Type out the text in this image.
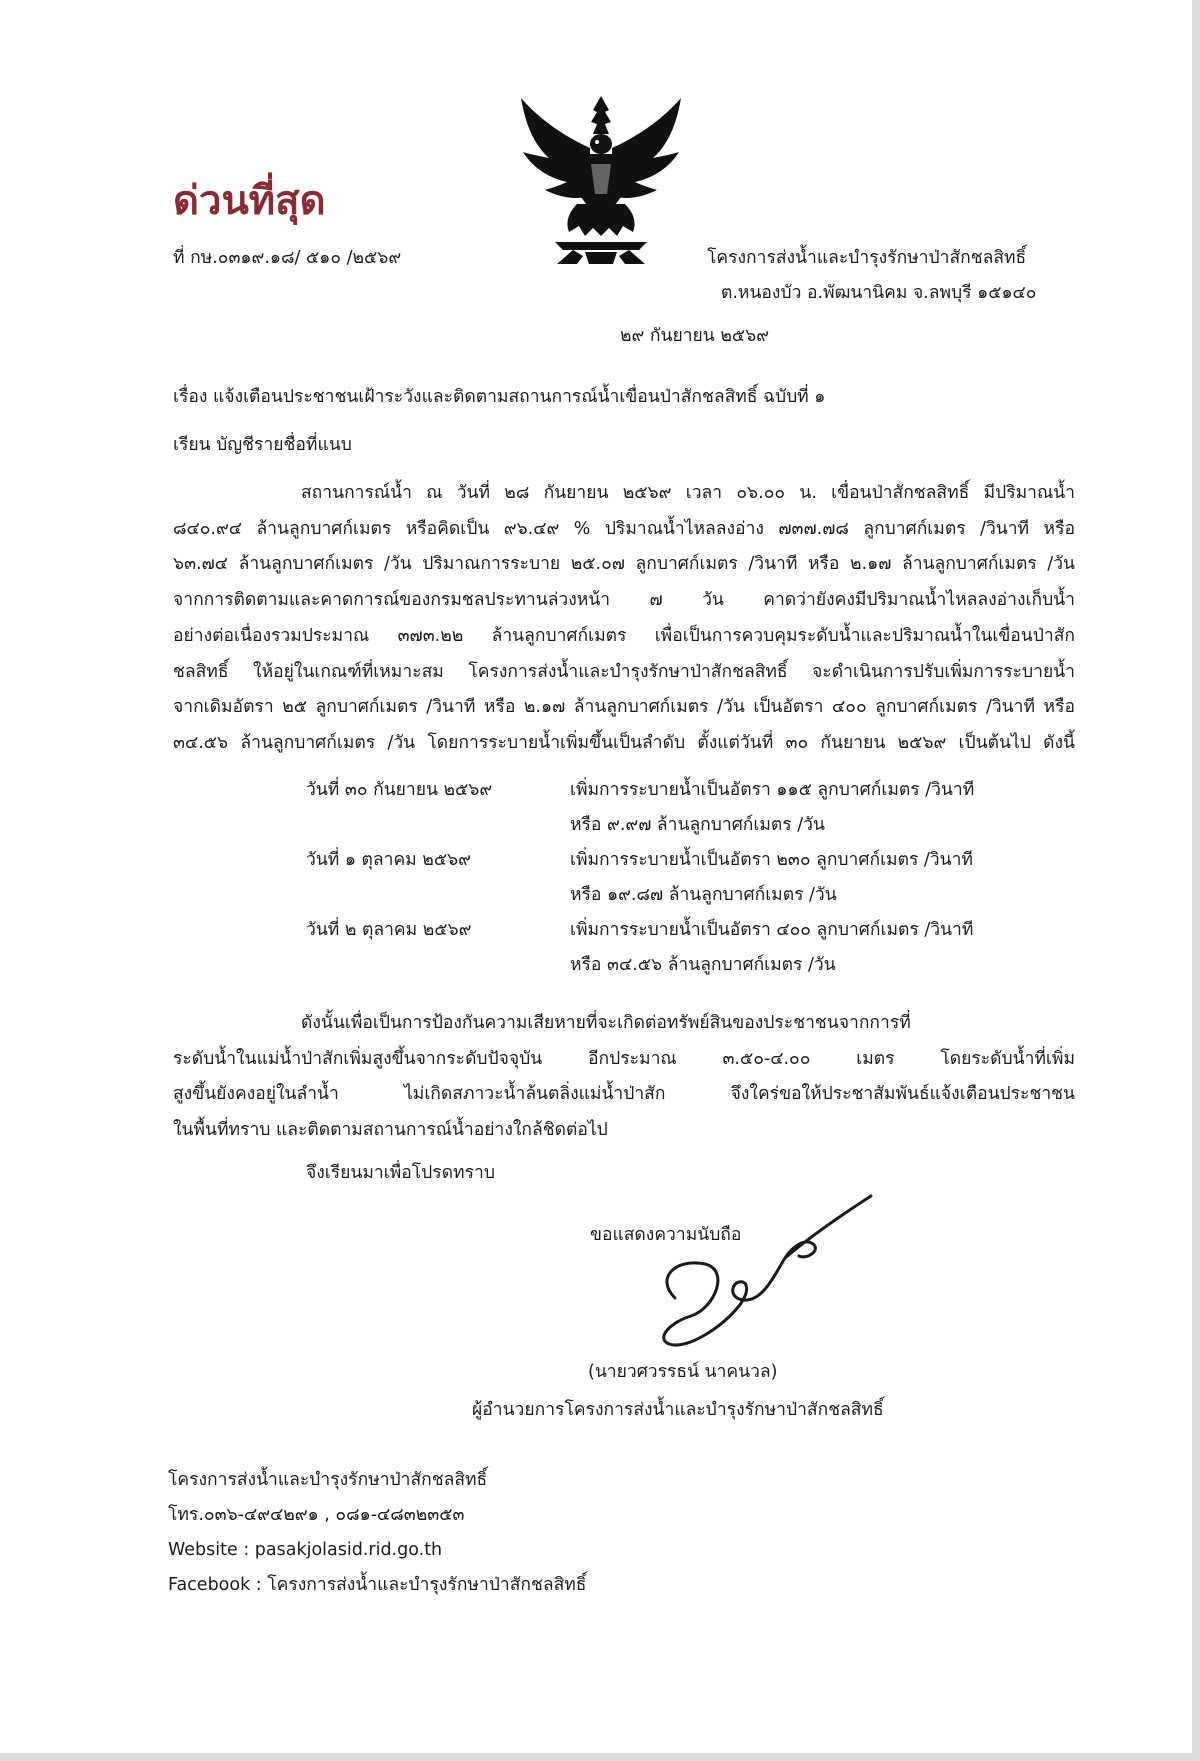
ด่วนที่สุด

ที่ กษ.๐๓๑๙.๑๘/ ๕๑๐ /๒๕๖๙	โครงการส่งน้ำและบำรุงรักษาป่าสักชลสิทธิ์

ต.หนองบัว อ.พัฒนานิคม จ.ลพบุรี ๑๕๑๔๐

๒๙ กันยายน ๒๕๖๙

เรื่อง แจ้งเตือนประชาชนเฝ้าระวังและติดตามสถานการณ์น้ำเขื่อนป่าสักชลสิทธิ์ ฉบับที่ ๑

เรียน บัญชีรายชื่อที่แนบ

สถานการณ์น้ำ ณ วันที่ ๒๘ กันยายน ๒๕๖๙ เวลา ๐๖.๐๐ น. เขื่อนป่าสักชลสิทธิ์ มีปริมาณน้ำ
๘๔๐.๙๔ ล้านลูกบาศก์เมตร หรือคิดเป็น ๙๖.๔๙ % ปริมาณน้ำไหลลงอ่าง ๗๓๗.๗๘ ลูกบาศก์เมตร /วินาที หรือ
๖๓.๗๔ ล้านลูกบาศก์เมตร /วัน ปริมาณการระบาย ๒๕.๐๗ ลูกบาศก์เมตร /วินาที หรือ ๒.๑๗ ล้านลูกบาศก์เมตร /วัน
จากการติดตามและคาดการณ์ของกรมชลประทานล่วงหน้า ๗ วัน คาดว่ายังคงมีปริมาณน้ำไหลลงอ่างเก็บน้ำ
อย่างต่อเนื่องรวมประมาณ ๓๗๓.๒๒ ล้านลูกบาศก์เมตร เพื่อเป็นการควบคุมระดับน้ำและปริมาณน้ำในเขื่อนป่าสัก
ชลสิทธิ์ ให้อยู่ในเกณฑ์ที่เหมาะสม โครงการส่งน้ำและบำรุงรักษาป่าสักชลสิทธิ์ จะดำเนินการปรับเพิ่มการระบายน้ำ
จากเดิมอัตรา ๒๕ ลูกบาศก์เมตร /วินาที หรือ ๒.๑๗ ล้านลูกบาศก์เมตร /วัน เป็นอัตรา ๔๐๐ ลูกบาศก์เมตร /วินาที หรือ
๓๔.๕๖ ล้านลูกบาศก์เมตร /วัน โดยการระบายน้ำเพิ่มขึ้นเป็นลำดับ ตั้งแต่วันที่ ๓๐ กันยายน ๒๕๖๙ เป็นต้นไป ดังนี้
วันที่ ๓๐ กันยายน ๒๕๖๙	เพิ่มการระบายน้ำเป็นอัตรา ๑๑๕ ลูกบาศก์เมตร /วินาที
หรือ ๙.๙๗ ล้านลูกบาศก์เมตร /วัน
วันที่ ๑ ตุลาคม ๒๕๖๙	เพิ่มการระบายน้ำเป็นอัตรา ๒๓๐ ลูกบาศก์เมตร /วินาที
หรือ ๑๙.๘๗ ล้านลูกบาศก์เมตร /วัน
วันที่ ๒ ตุลาคม ๒๕๖๙	เพิ่มการระบายน้ำเป็นอัตรา ๔๐๐ ลูกบาศก์เมตร /วินาที
หรือ ๓๔.๕๖ ล้านลูกบาศก์เมตร /วัน
ดังนั้นเพื่อเป็นการป้องกันความเสียหายที่จะเกิดต่อทรัพย์สินของประชาชนจากการที่
ระดับน้ำในแม่น้ำป่าสักเพิ่มสูงขึ้นจากระดับปัจจุบัน อีกประมาณ ๓.๕๐-๔.๐๐ เมตร โดยระดับน้ำที่เพิ่ม
สูงขึ้นยังคงอยู่ในลำน้ำ ไม่เกิดสภาวะน้ำล้นตลิ่งแม่น้ำป่าสัก จึงใคร่ขอให้ประชาสัมพันธ์แจ้งเตือนประชาชน
ในพื้นที่ทราบ และติดตามสถานการณ์น้ำอย่างใกล้ชิดต่อไป

จึงเรียนมาเพื่อโปรดทราบ

ขอแสดงความนับถือ

(นายวศวรรธน์ นาคนวล)

ผู้อำนวยการโครงการส่งน้ำและบำรุงรักษาป่าสักชลสิทธิ์

โครงการส่งน้ำและบำรุงรักษาป่าสักชลสิทธิ์
โทร.๐๓๖-๔๙๔๒๙๑ , ๐๘๑-๔๘๓๒๓๕๓
Website : pasakjolasid.rid.go.th
Facebook : โครงการส่งน้ำและบำรุงรักษาป่าสักชลสิทธิ์
